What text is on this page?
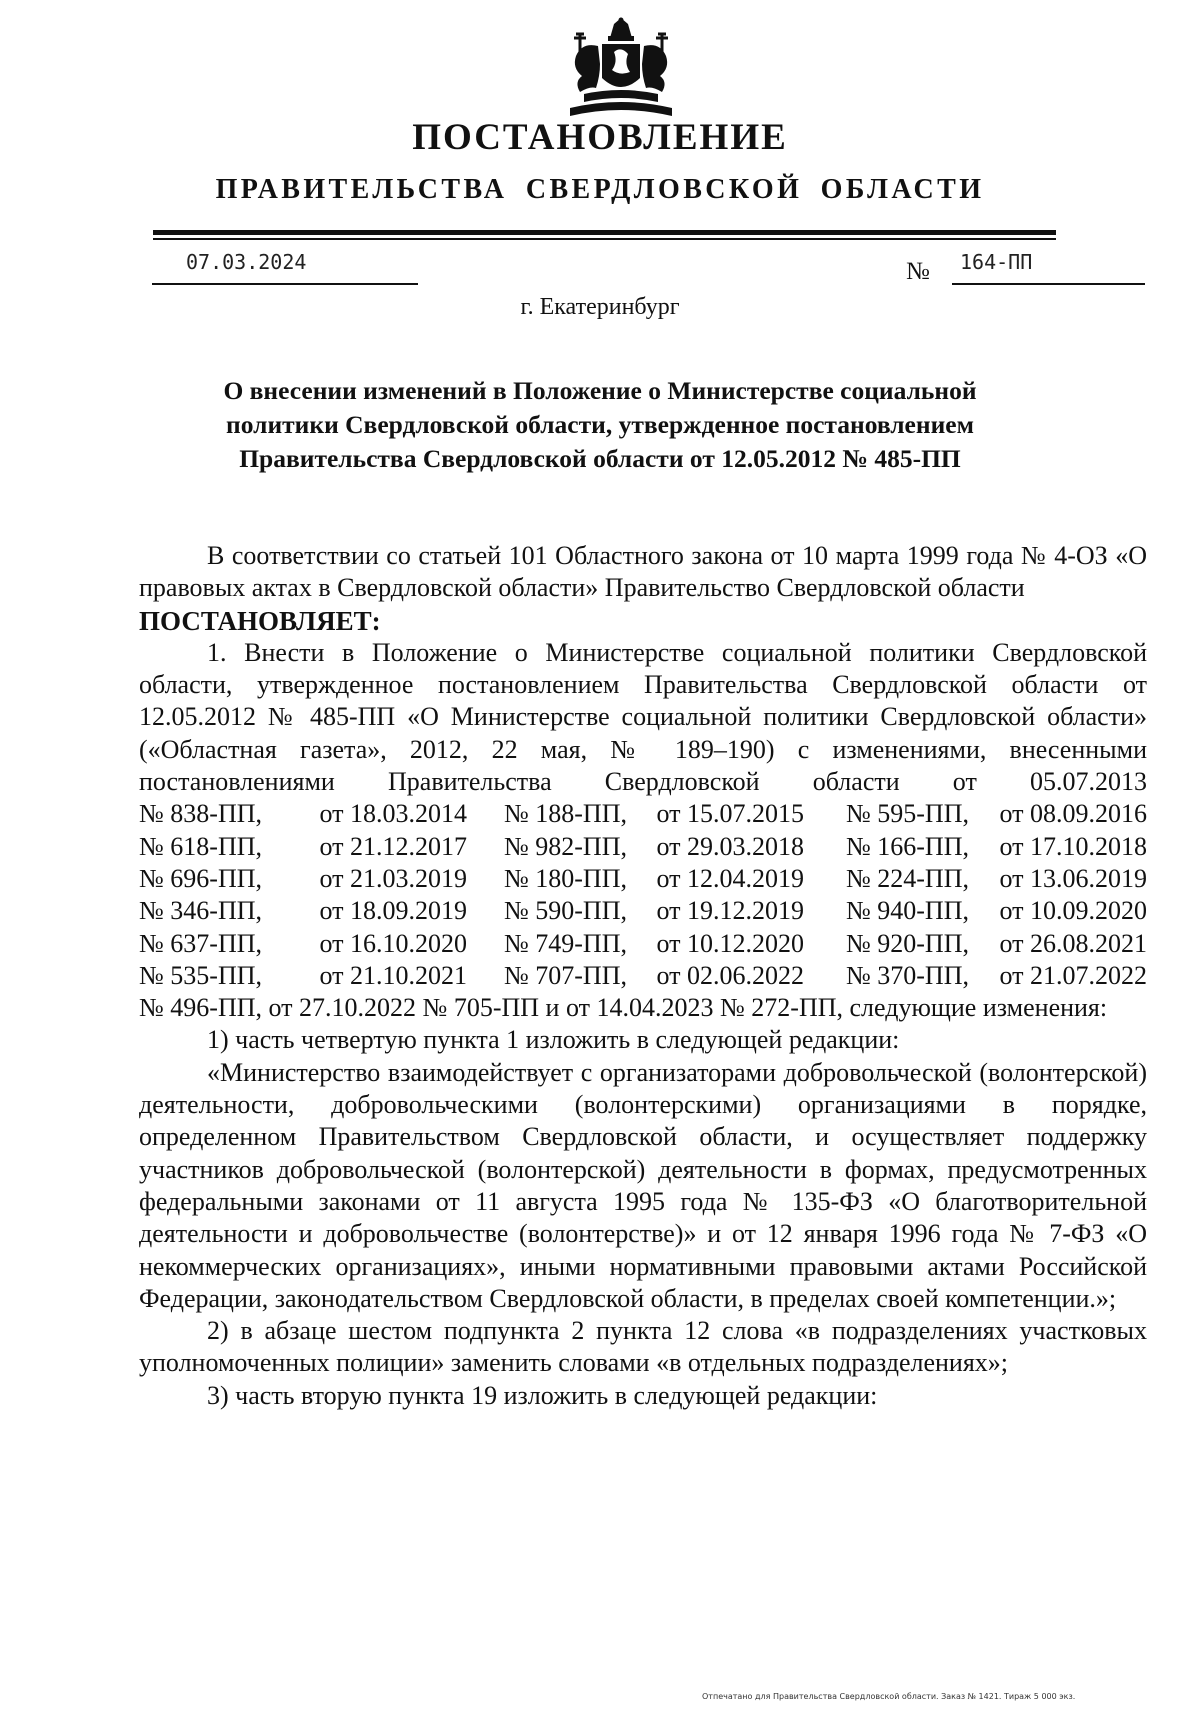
ПОСТАНОВЛЕНИЕ
ПРАВИТЕЛЬСТВА СВЕРДЛОВСКОЙ ОБЛАСТИ
07.03.2024	№ 164-ПП
г. Екатеринбург
О внесении изменений в Положение о Министерстве социальной
политики Свердловской области, утвержденное постановлением
Правительства Свердловской области от 12.05.2012 № 485-ПП

В соответствии со статьей 101 Областного закона от 10 марта 1999 года № 4-ОЗ «О правовых актах в Свердловской области» Правительство Свердловской области

ПОСТАНОВЛЯЕТ:

1. Внести в Положение о Министерстве социальной политики Свердловской области, утвержденное постановлением Правительства Свердловской области от 12.05.2012 № 485-ПП «О Министерстве социальной политики Свердловской области» («Областная газета», 2012, 22 мая, № 189–190) с изменениями, внесенными постановлениями Правительства Свердловской области от 05.07.2013

№ 838-ПП,	от 18.03.2014	№ 188-ПП,	от 15.07.2015	№ 595-ПП,	от 08.09.2016
№ 618-ПП,	от 21.12.2017	№ 982-ПП,	от 29.03.2018	№ 166-ПП,	от 17.10.2018
№ 696-ПП,	от 21.03.2019	№ 180-ПП,	от 12.04.2019	№ 224-ПП,	от 13.06.2019
№ 346-ПП,	от 18.09.2019	№ 590-ПП,	от 19.12.2019	№ 940-ПП,	от 10.09.2020
№ 637-ПП,	от 16.10.2020	№ 749-ПП,	от 10.12.2020	№ 920-ПП,	от 26.08.2021
№ 535-ПП,	от 21.10.2021	№ 707-ПП,	от 02.06.2022	№ 370-ПП,	от 21.07.2022

№ 496-ПП, от 27.10.2022 № 705-ПП и от 14.04.2023 № 272-ПП, следующие изменения:

1) часть четвертую пункта 1 изложить в следующей редакции:

«Министерство взаимодействует с организаторами добровольческой (волонтерской) деятельности, добровольческими (волонтерскими) организациями в порядке, определенном Правительством Свердловской области, и осуществляет поддержку участников добровольческой (волонтерской) деятельности в формах, предусмотренных федеральными законами от 11 августа 1995 года № 135-ФЗ «О благотворительной деятельности и добровольчестве (волонтерстве)» и от 12 января 1996 года № 7-ФЗ «О некоммерческих организациях», иными нормативными правовыми актами Российской Федерации, законодательством Свердловской области, в пределах своей компетенции.»;

2) в абзаце шестом подпункта 2 пункта 12 слова «в подразделениях участковых уполномоченных полиции» заменить словами «в отдельных подразделениях»;

3) часть вторую пункта 19 изложить в следующей редакции:

Отпечатано для Правительства Свердловской области. Заказ № 1421. Тираж 5 000 экз.
